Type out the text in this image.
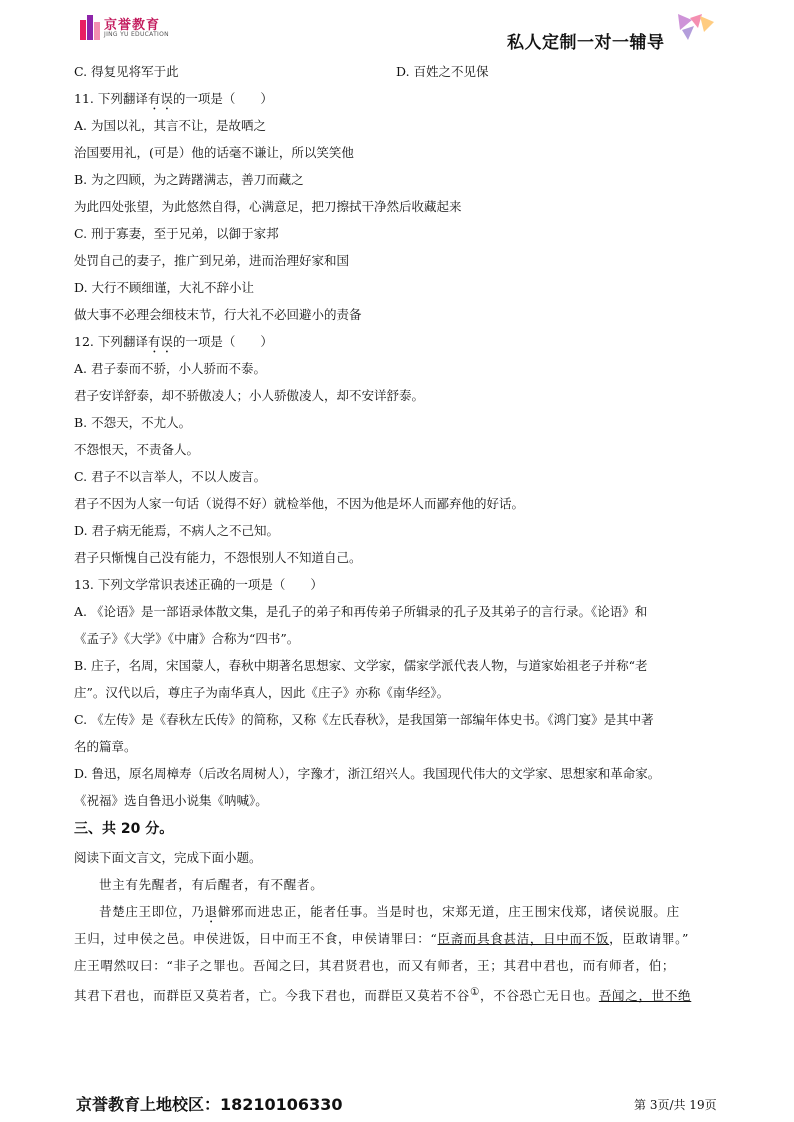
京誉教育
JING YU EDUCATION	私人定制一对一辅导
C. 得复见将军于此	D. 百姓之不见保
11. 下列翻译有误的一项是（　　）
A. 为国以礼，其言不让，是故哂之
治国要用礼，(可是）他的话毫不谦让，所以笑笑他
B. 为之四顾，为之踌躇满志，善刀而藏之
为此四处张望，为此悠然自得，心满意足，把刀擦拭干净然后收藏起来
C. 刑于寡妻，至于兄弟，以御于家邦
处罚自己的妻子，推广到兄弟，进而治理好家和国
D. 大行不顾细谨，大礼不辞小让
做大事不必理会细枝末节，行大礼不必回避小的责备
12. 下列翻译有误的一项是（　　）
A. 君子泰而不骄，小人骄而不泰。
君子安详舒泰，却不骄傲凌人；小人骄傲凌人，却不安详舒泰。
B. 不怨天，不尤人。
不怨恨天，不责备人。
C. 君子不以言举人，不以人废言。
君子不因为人家一句话（说得不好）就检举他，不因为他是坏人而鄙弃他的好话。
D. 君子病无能焉，不病人之不己知。
君子只惭愧自己没有能力，不怨恨别人不知道自己。
13. 下列文学常识表述正确的一项是（　　）
A. 《论语》是一部语录体散文集，是孔子的弟子和再传弟子所辑录的孔子及其弟子的言行录。《论语》和
《孟子》《大学》《中庸》合称为“四书”。
B. 庄子，名周，宋国蒙人，春秋中期著名思想家、文学家，儒家学派代表人物，与道家始祖老子并称“老
庄”。汉代以后，尊庄子为南华真人，因此《庄子》亦称《南华经》。
C. 《左传》是《春秋左氏传》的简称，又称《左氏春秋》，是我国第一部编年体史书。《鸿门宴》是其中著
名的篇章。
D. 鲁迅，原名周樟寿（后改名周树人），字豫才，浙江绍兴人。我国现代伟大的文学家、思想家和革命家。
《祝福》选自鲁迅小说集《呐喊》。
三、共 20 分。
阅读下面文言文，完成下面小题。
世主有先醒者，有后醒者，有不醒者。
昔楚庄王即位，乃退僻邪而进忠正，能者任事。当是时也，宋郑无道，庄王围宋伐郑，诸侯说服。庄
王归，过申侯之邑。申侯进饭，日中而王不食，申侯请罪曰：“臣斋而具食甚洁，日中而不饭，臣敢请罪。”
庄王喟然叹曰：“非子之罪也。吾闻之曰，其君贤君也，而又有师者，王；其君中君也，而有师者，伯；
其君下君也，而群臣又莫若者，亡。今我下君也，而群臣又莫若不谷①，不谷恐亡无日也。吾闻之，世不绝
京誉教育上地校区：18210106330	第 3页/共 19页
